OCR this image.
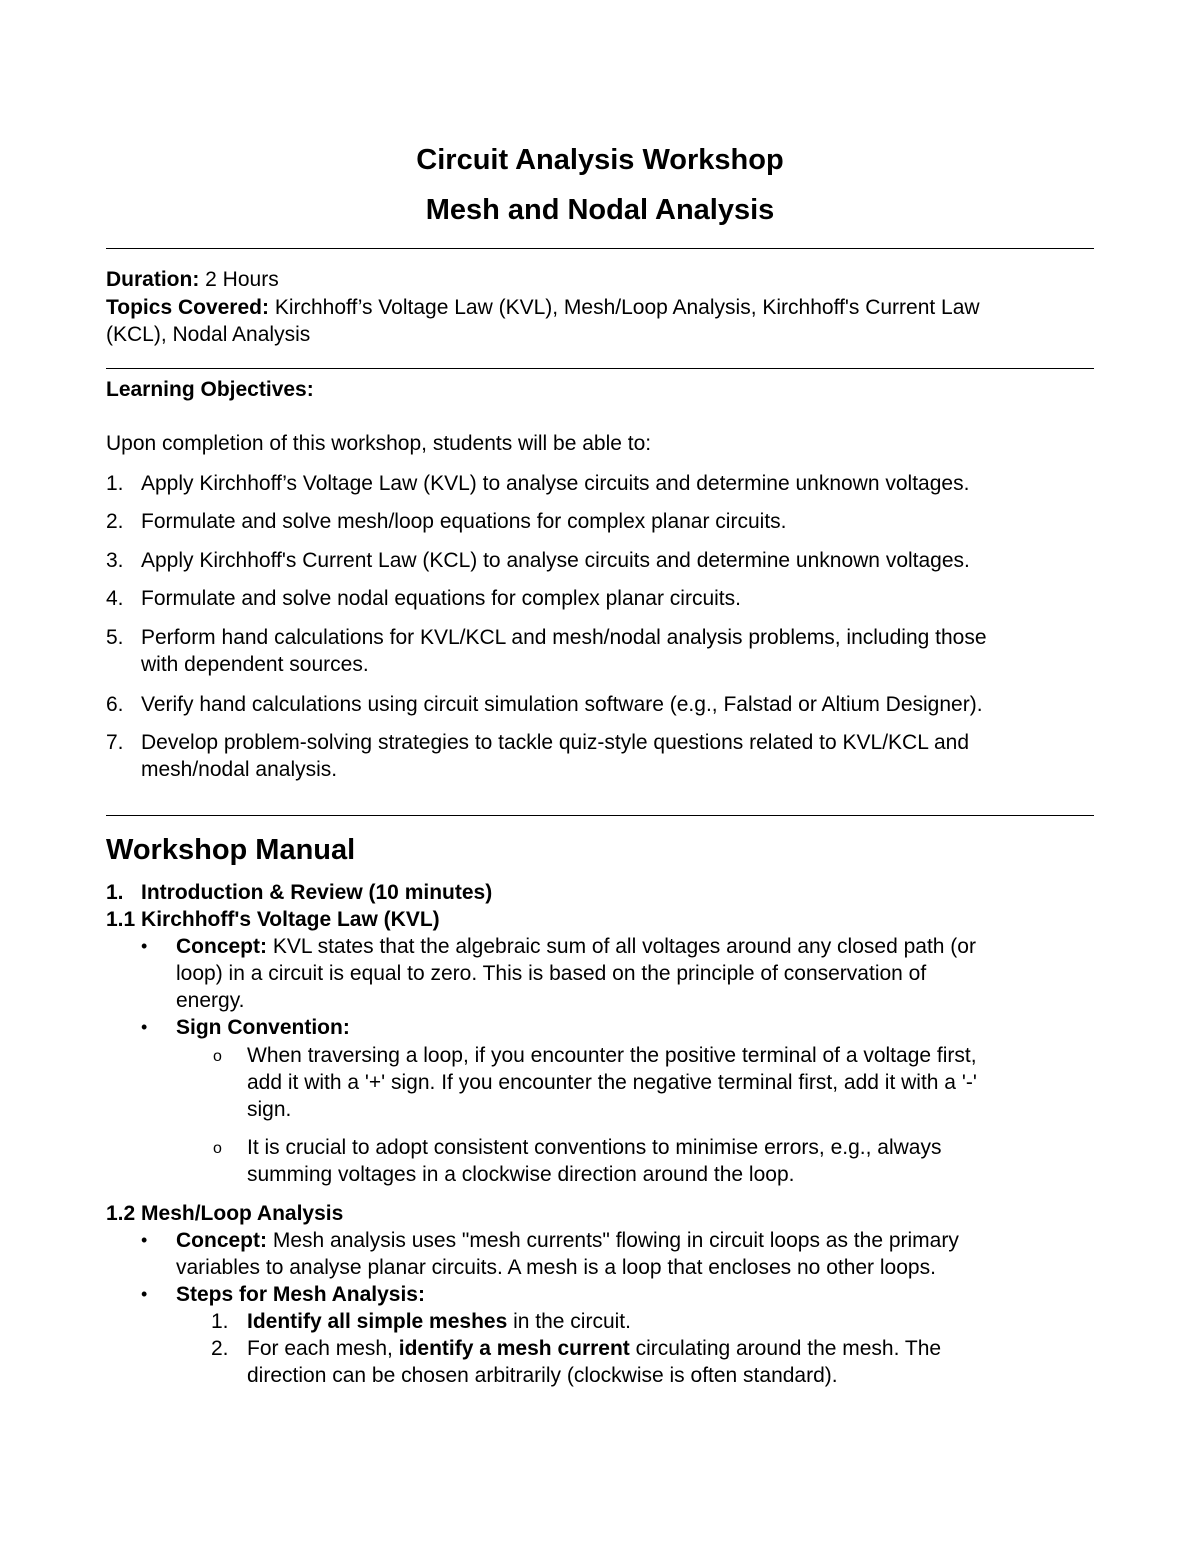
Circuit Analysis Workshop
Mesh and Nodal Analysis
Duration: 2 Hours
Topics Covered: Kirchhoff’s Voltage Law (KVL), Mesh/Loop Analysis, Kirchhoff's Current Law
(KCL), Nodal Analysis
Learning Objectives:
Upon completion of this workshop, students will be able to:
1. Apply Kirchhoff’s Voltage Law (KVL) to analyse circuits and determine unknown voltages.
2. Formulate and solve mesh/loop equations for complex planar circuits.
3. Apply Kirchhoff's Current Law (KCL) to analyse circuits and determine unknown voltages.
4. Formulate and solve nodal equations for complex planar circuits.
5. Perform hand calculations for KVL/KCL and mesh/nodal analysis problems, including those
with dependent sources.
6. Verify hand calculations using circuit simulation software (e.g., Falstad or Altium Designer).
7. Develop problem-solving strategies to tackle quiz-style questions related to KVL/KCL and
mesh/nodal analysis.
Workshop Manual
1. Introduction & Review (10 minutes)
1.1 Kirchhoff's Voltage Law (KVL)
• Concept: KVL states that the algebraic sum of all voltages around any closed path (or
loop) in a circuit is equal to zero. This is based on the principle of conservation of
energy.
• Sign Convention:
o When traversing a loop, if you encounter the positive terminal of a voltage first,
add it with a '+' sign. If you encounter the negative terminal first, add it with a '-'
sign.
o It is crucial to adopt consistent conventions to minimise errors, e.g., always
summing voltages in a clockwise direction around the loop.
1.2 Mesh/Loop Analysis
• Concept: Mesh analysis uses "mesh currents" flowing in circuit loops as the primary
variables to analyse planar circuits. A mesh is a loop that encloses no other loops.
• Steps for Mesh Analysis:
1. Identify all simple meshes in the circuit.
2. For each mesh, identify a mesh current circulating around the mesh. The
direction can be chosen arbitrarily (clockwise is often standard).
